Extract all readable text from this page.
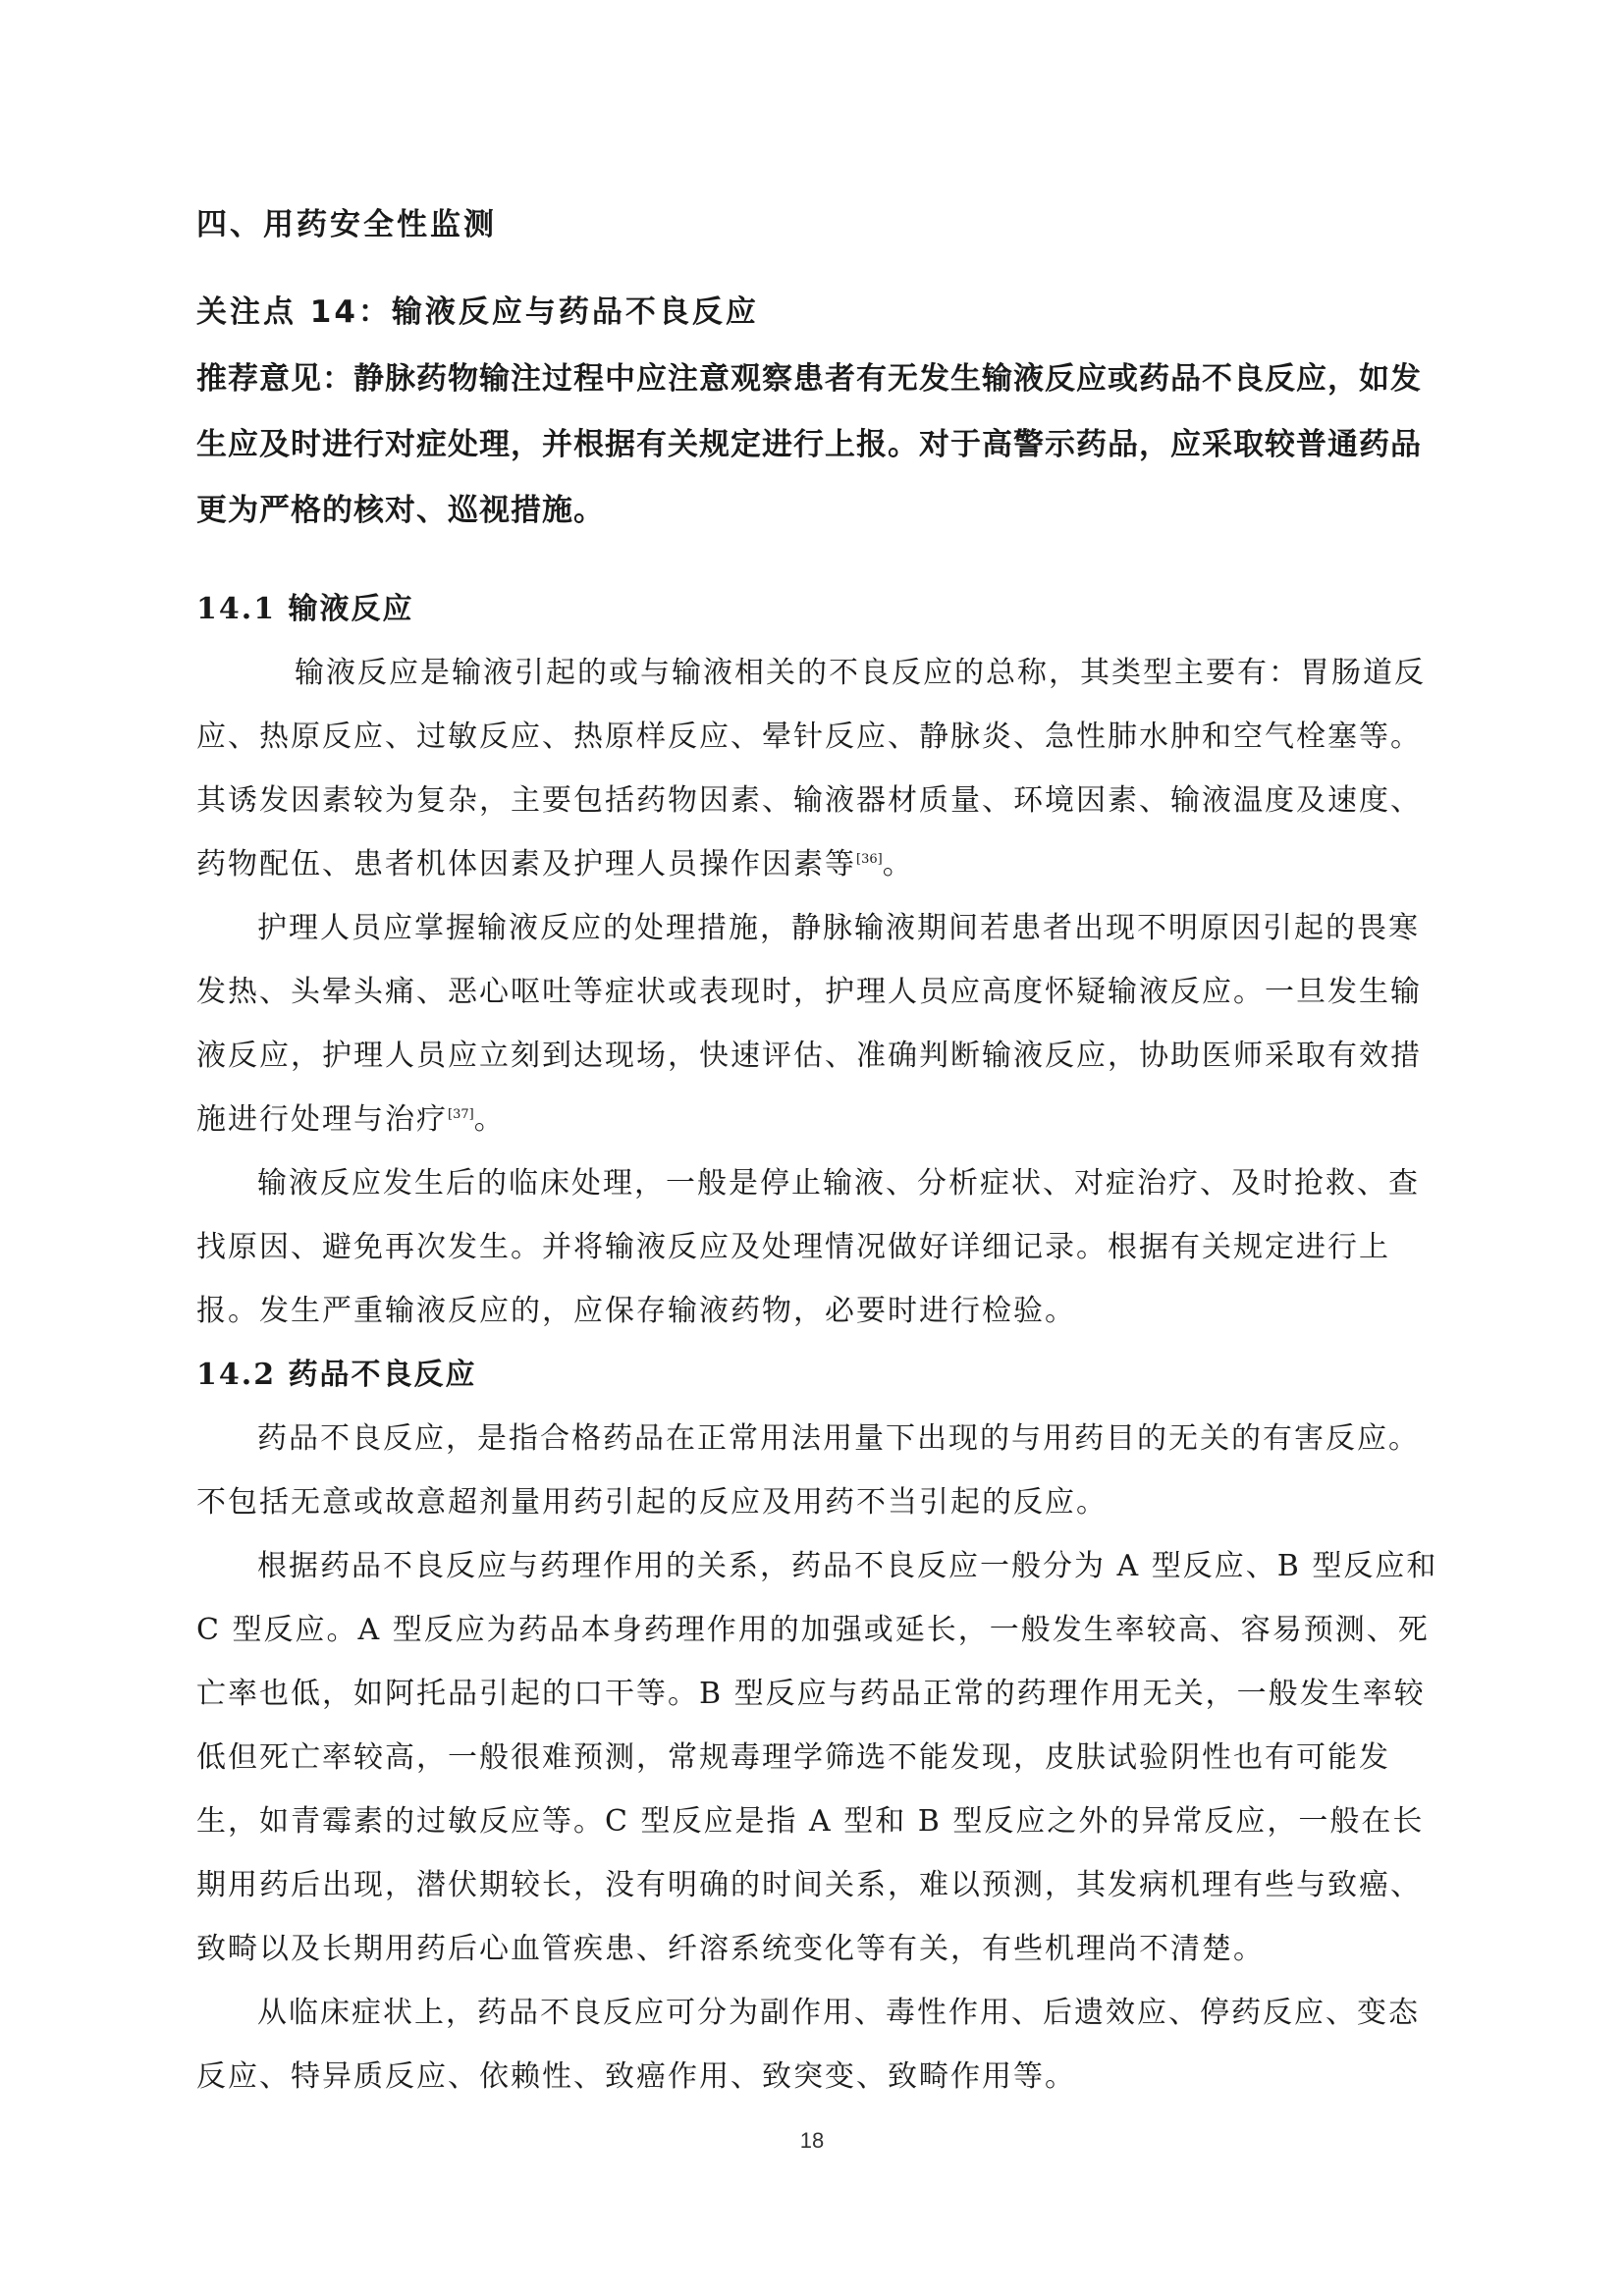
四、用药安全性监测
关注点 14：输液反应与药品不良反应

推荐意见：静脉药物输注过程中应注意观察患者有无发生输液反应或药品不良反应，如发生应及时进行对症处理，并根据有关规定进行上报。对于高警示药品，应采取较普通药品更为严格的核对、巡视措施。

14.1 输液反应

输液反应是输液引起的或与输液相关的不良反应的总称，其类型主要有：胃肠道反应、热原反应、过敏反应、热原样反应、晕针反应、静脉炎、急性肺水肿和空气栓塞等。其诱发因素较为复杂，主要包括药物因素、输液器材质量、环境因素、输液温度及速度、药物配伍、患者机体因素及护理人员操作因素等[36]。

护理人员应掌握输液反应的处理措施，静脉输液期间若患者出现不明原因引起的畏寒发热、头晕头痛、恶心呕吐等症状或表现时，护理人员应高度怀疑输液反应。一旦发生输液反应，护理人员应立刻到达现场，快速评估、准确判断输液反应，协助医师采取有效措施进行处理与治疗[37]。

输液反应发生后的临床处理，一般是停止输液、分析症状、对症治疗、及时抢救、查找原因、避免再次发生。并将输液反应及处理情况做好详细记录。根据有关规定进行上报。发生严重输液反应的，应保存输液药物，必要时进行检验。

14.2 药品不良反应

药品不良反应，是指合格药品在正常用法用量下出现的与用药目的无关的有害反应。不包括无意或故意超剂量用药引起的反应及用药不当引起的反应。

根据药品不良反应与药理作用的关系，药品不良反应一般分为 A 型反应、B 型反应和 C 型反应。A 型反应为药品本身药理作用的加强或延长，一般发生率较高、容易预测、死亡率也低，如阿托品引起的口干等。B 型反应与药品正常的药理作用无关，一般发生率较低但死亡率较高，一般很难预测，常规毒理学筛选不能发现，皮肤试验阴性也有可能发生，如青霉素的过敏反应等。C 型反应是指 A 型和 B 型反应之外的异常反应，一般在长期用药后出现，潜伏期较长，没有明确的时间关系，难以预测，其发病机理有些与致癌、致畸以及长期用药后心血管疾患、纤溶系统变化等有关，有些机理尚不清楚。

从临床症状上，药品不良反应可分为副作用、毒性作用、后遗效应、停药反应、变态反应、特异质反应、依赖性、致癌作用、致突变、致畸作用等。

18
